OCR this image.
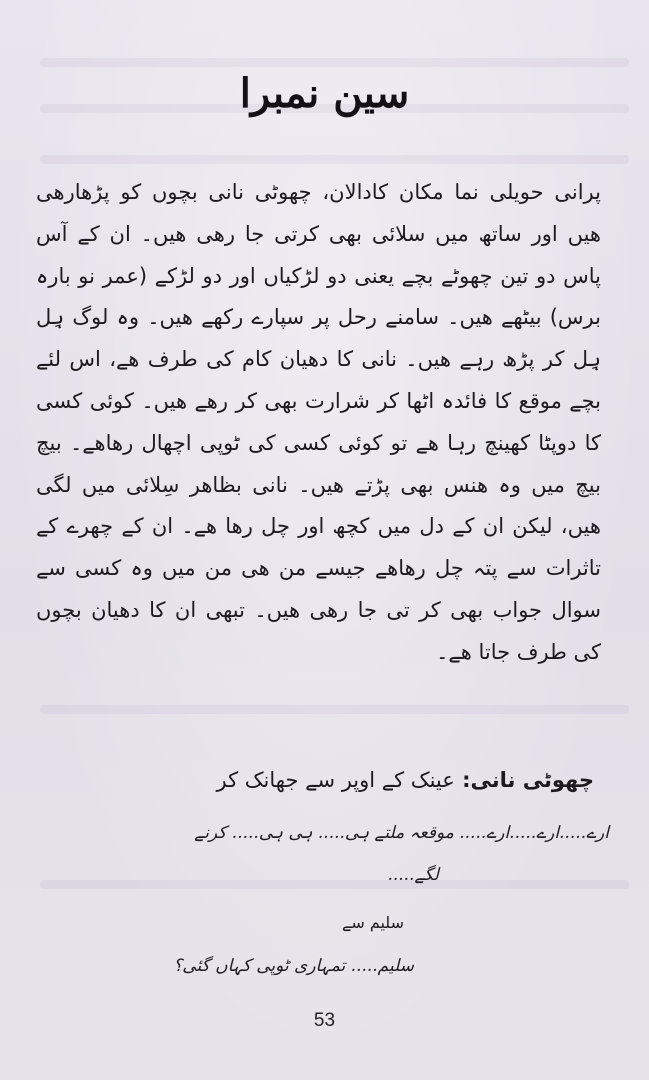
سین نمبرا

پرانی حویلی نما مکان کادالان، چھوٹی نانی بچوں کو پڑھارھی ھیں اور ساتھ میں سلائی بھی کرتی جا رھی ھیں۔ ان کے آس پاس دو تین چھوٹے بچے یعنی دو لڑکیاں اور دو لڑکے (عمر نو بارہ برس) بیٹھے ھیں۔ سامنے رحل پر سپارے رکھے ھیں۔ وہ لوگ ہِل ہِل کر پڑھ رہے ھیں۔ نانی کا دھیان کام کی طرف ھے، اس لئے بچے موقع کا فائدہ اٹھا کر شرارت بھی کر رھے ھیں۔ کوئی کسی کا دوپٹا کھینچ رہا ھے تو کوئی کسی کی ٹوپی اچھال رھاھے۔ بیچ بیچ میں وہ ھنس بھی پڑتے ھیں۔ نانی بظاھر سِلائی میں لگی ھیں، لیکن ان کے دل میں کچھ اور چل رھا ھے۔ ان کے چھرے کے تاثرات سے پتہ چل رھاھے جیسے من ھی من میں وہ کسی سے سوال جواب بھی کر تی جا رھی ھیں۔ تبھی ان کا دھیان بچوں کی طرف جاتا ھے۔

چھوٹی نانی: عینک کے اوپر سے جھانک کر
ارے.....ارے.....ارے..... موقعہ ملتے ہی..... ہی ہی..... کرنے
لگے.....
سلیم سے
سلیم..... تمہاری ٹوپی کہاں گئی؟
53
